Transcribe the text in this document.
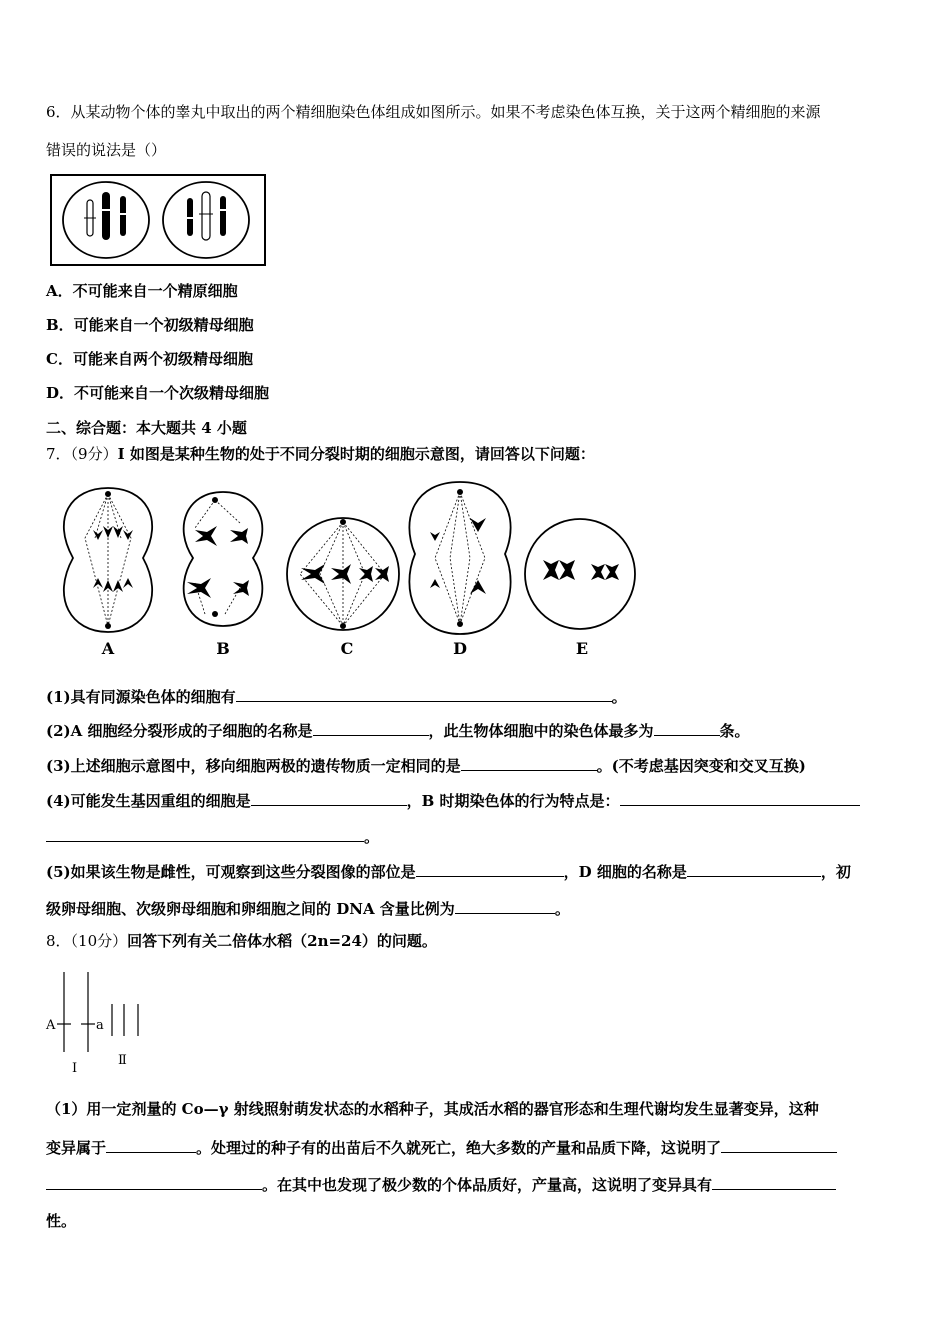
6．从某动物个体的睾丸中取出的两个精细胞染色体组成如图所示。如果不考虑染色体互换，关于这两个精细胞的来源
错误的说法是（）
A．不可能来自一个精原细胞
B．可能来自一个初级精母细胞
C．可能来自两个初级精母细胞
D．不可能来自一个次级精母细胞
二、综合题：本大题共 4 小题
7．（9分）I 如图是某种生物的处于不同分裂时期的细胞示意图，请回答以下问题：
A	B	C	D	E
(1)具有同源染色体的细胞有	。
(2)A 细胞经分裂形成的子细胞的名称是	，此生物体细胞中的染色体最多为	条。
(3)上述细胞示意图中，移向细胞两极的遗传物质一定相同的是	。(不考虑基因突变和交叉互换)
(4)可能发生基因重组的细胞是	，B 时期染色体的行为特点是：
。
(5)如果该生物是雌性，可观察到这些分裂图像的部位是	，D 细胞的名称是	，初
级卵母细胞、次级卵母细胞和卵细胞之间的 DNA 含量比例为	。
8．（10分）回答下列有关二倍体水稻（2n=24）的问题。
A	a
I
Ⅱ
（1）用一定剂量的 Co—γ 射线照射萌发状态的水稻种子，其成活水稻的器官形态和生理代谢均发生显著变异，这种
变异属于	。处理过的种子有的出苗后不久就死亡，绝大多数的产量和品质下降，这说明了
。在其中也发现了极少数的个体品质好，产量高，这说明了变异具有
性。
